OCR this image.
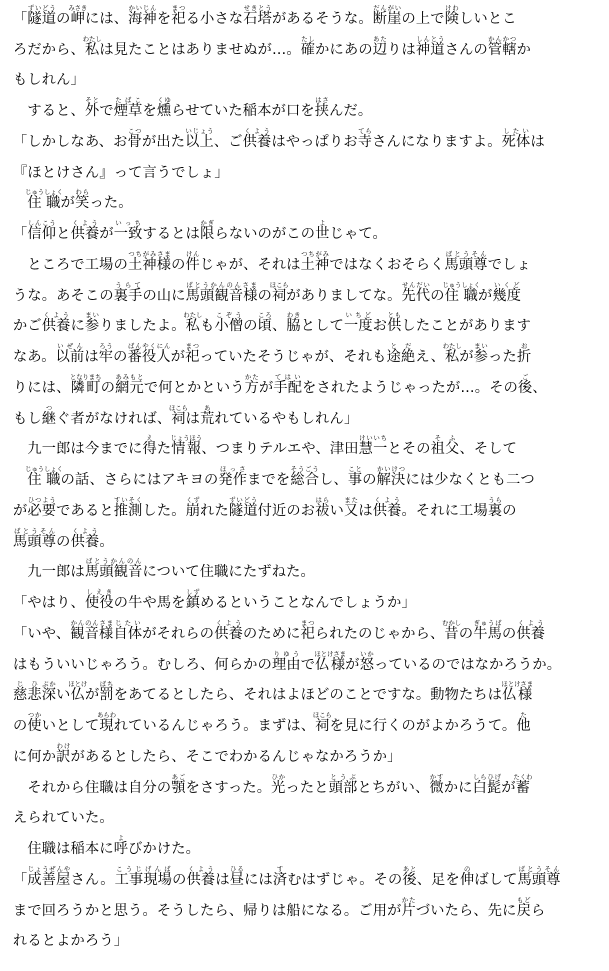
「隧道ずいどうの岬みさきには、海神かいじんを祀まつる小さな石塔せきとうがあるそうな。断崖だんがいの上で険けわしいとこ
ろだから、私わたしは見たことはありませぬが…。確たしかにあの辺あたりは神道しんとうさんの管轄かんかつか
もしれん」
　すると、外そとで煙草たばこを燻くゆらせていた稲本が口を挟はさんだ。
「しかしなあ、お骨こつが出た以上いじょう、ご供養くようはやっぱりお寺てらさんになりますよ。死体したいは
『ほとけさん』って言うでしょ」
　住職じゅうしょくが笑わらった。
「信仰しんこうと供養くようが一致いっちするとは限かぎらないのがこの世よじゃて。
　ところで工場の土神様つちがみさまの件けんじゃが、それは土神つちがみではなくおそらく馬頭尊ばとうそんでしょ
うな。あそこの裏手うらての山に馬頭観音様ばとうかんのんさまの祠ほこらがありましてな。先代せんだいの住職じゅうしょくが幾度いくど
かご供養くように参まいりましたよ。私わたしも小僧こぞうの頃ころ、脇わきとして一度いちどお供ともしたことがあります
なあ。以前いぜんは牢ろうの番役人ばんやくにんが祀まつっていたそうじゃが、それも途絶とだえ、私わたしが参まいった折お
りには、隣町となりまちの網元あみもとで何とかという方かたが手配てはいをされたようじゃったが…。その後ご、
もし継つぐ者がなければ、祠ほこらは荒あれているやもしれん」
　九一郎は今までに得えた情報じょうほう、つまりテルエや、津田慧一けいいちとその祖父そふ、そして
　住職じゅうしょくの話、さらにはアキヨの発作ほっさまでを総合そうごうし、事ことの解決かいけつには少なくとも二つ
が必要ひつようであると推測すいそくした。崩くずれた隧道ずいどう付近のお祓はらい又または供養くよう。それに工場裏うらの
馬頭尊ばとうそんの供養くよう。
　九一郎は馬頭観音ばとうかんのんについて住職にたずねた。
「やはり、使役しえきの牛や馬を鎮しずめるということなんでしょうか」
「いや、観音様かんのんさま自体じたいがそれらの供養くようのために祀まつられたのじゃから、昔むかしの牛馬ぎゅうばの供養くよう
はもういいじゃろう。むしろ、何らかの理由りゆうで仏様ほとけさまが怒いかっているのではなかろうか。
慈悲じひ深ぶかい仏ほとけが罰ばちをあてるとしたら、それはよほどのことですな。動物たちは仏様ほとけさま
の使つかいとして現あらわれているんじゃろう。まずは、祠ほこらを見に行くのがよかろうて。他た
に何か訳わけがあるとしたら、そこでわかるんじゃなかろうか」
　それから住職は自分の顎あごをさすった。光ひかったと頭部とうぶとちがい、微かすかに白髭しらひげが蓄たくわ
えられていた。
　住職は稲本に呼よびかけた。
「成善屋じょうぜんやさん。工事現場こうじげんばの供養くようは昼ひるには済すむはずじゃ。その後あと、足を伸のばして馬頭尊ばとうそん
まで回ろうかと思う。そうしたら、帰りは船になる。ご用が片かたづいたら、先に戻もどら
れるとよかろう」
